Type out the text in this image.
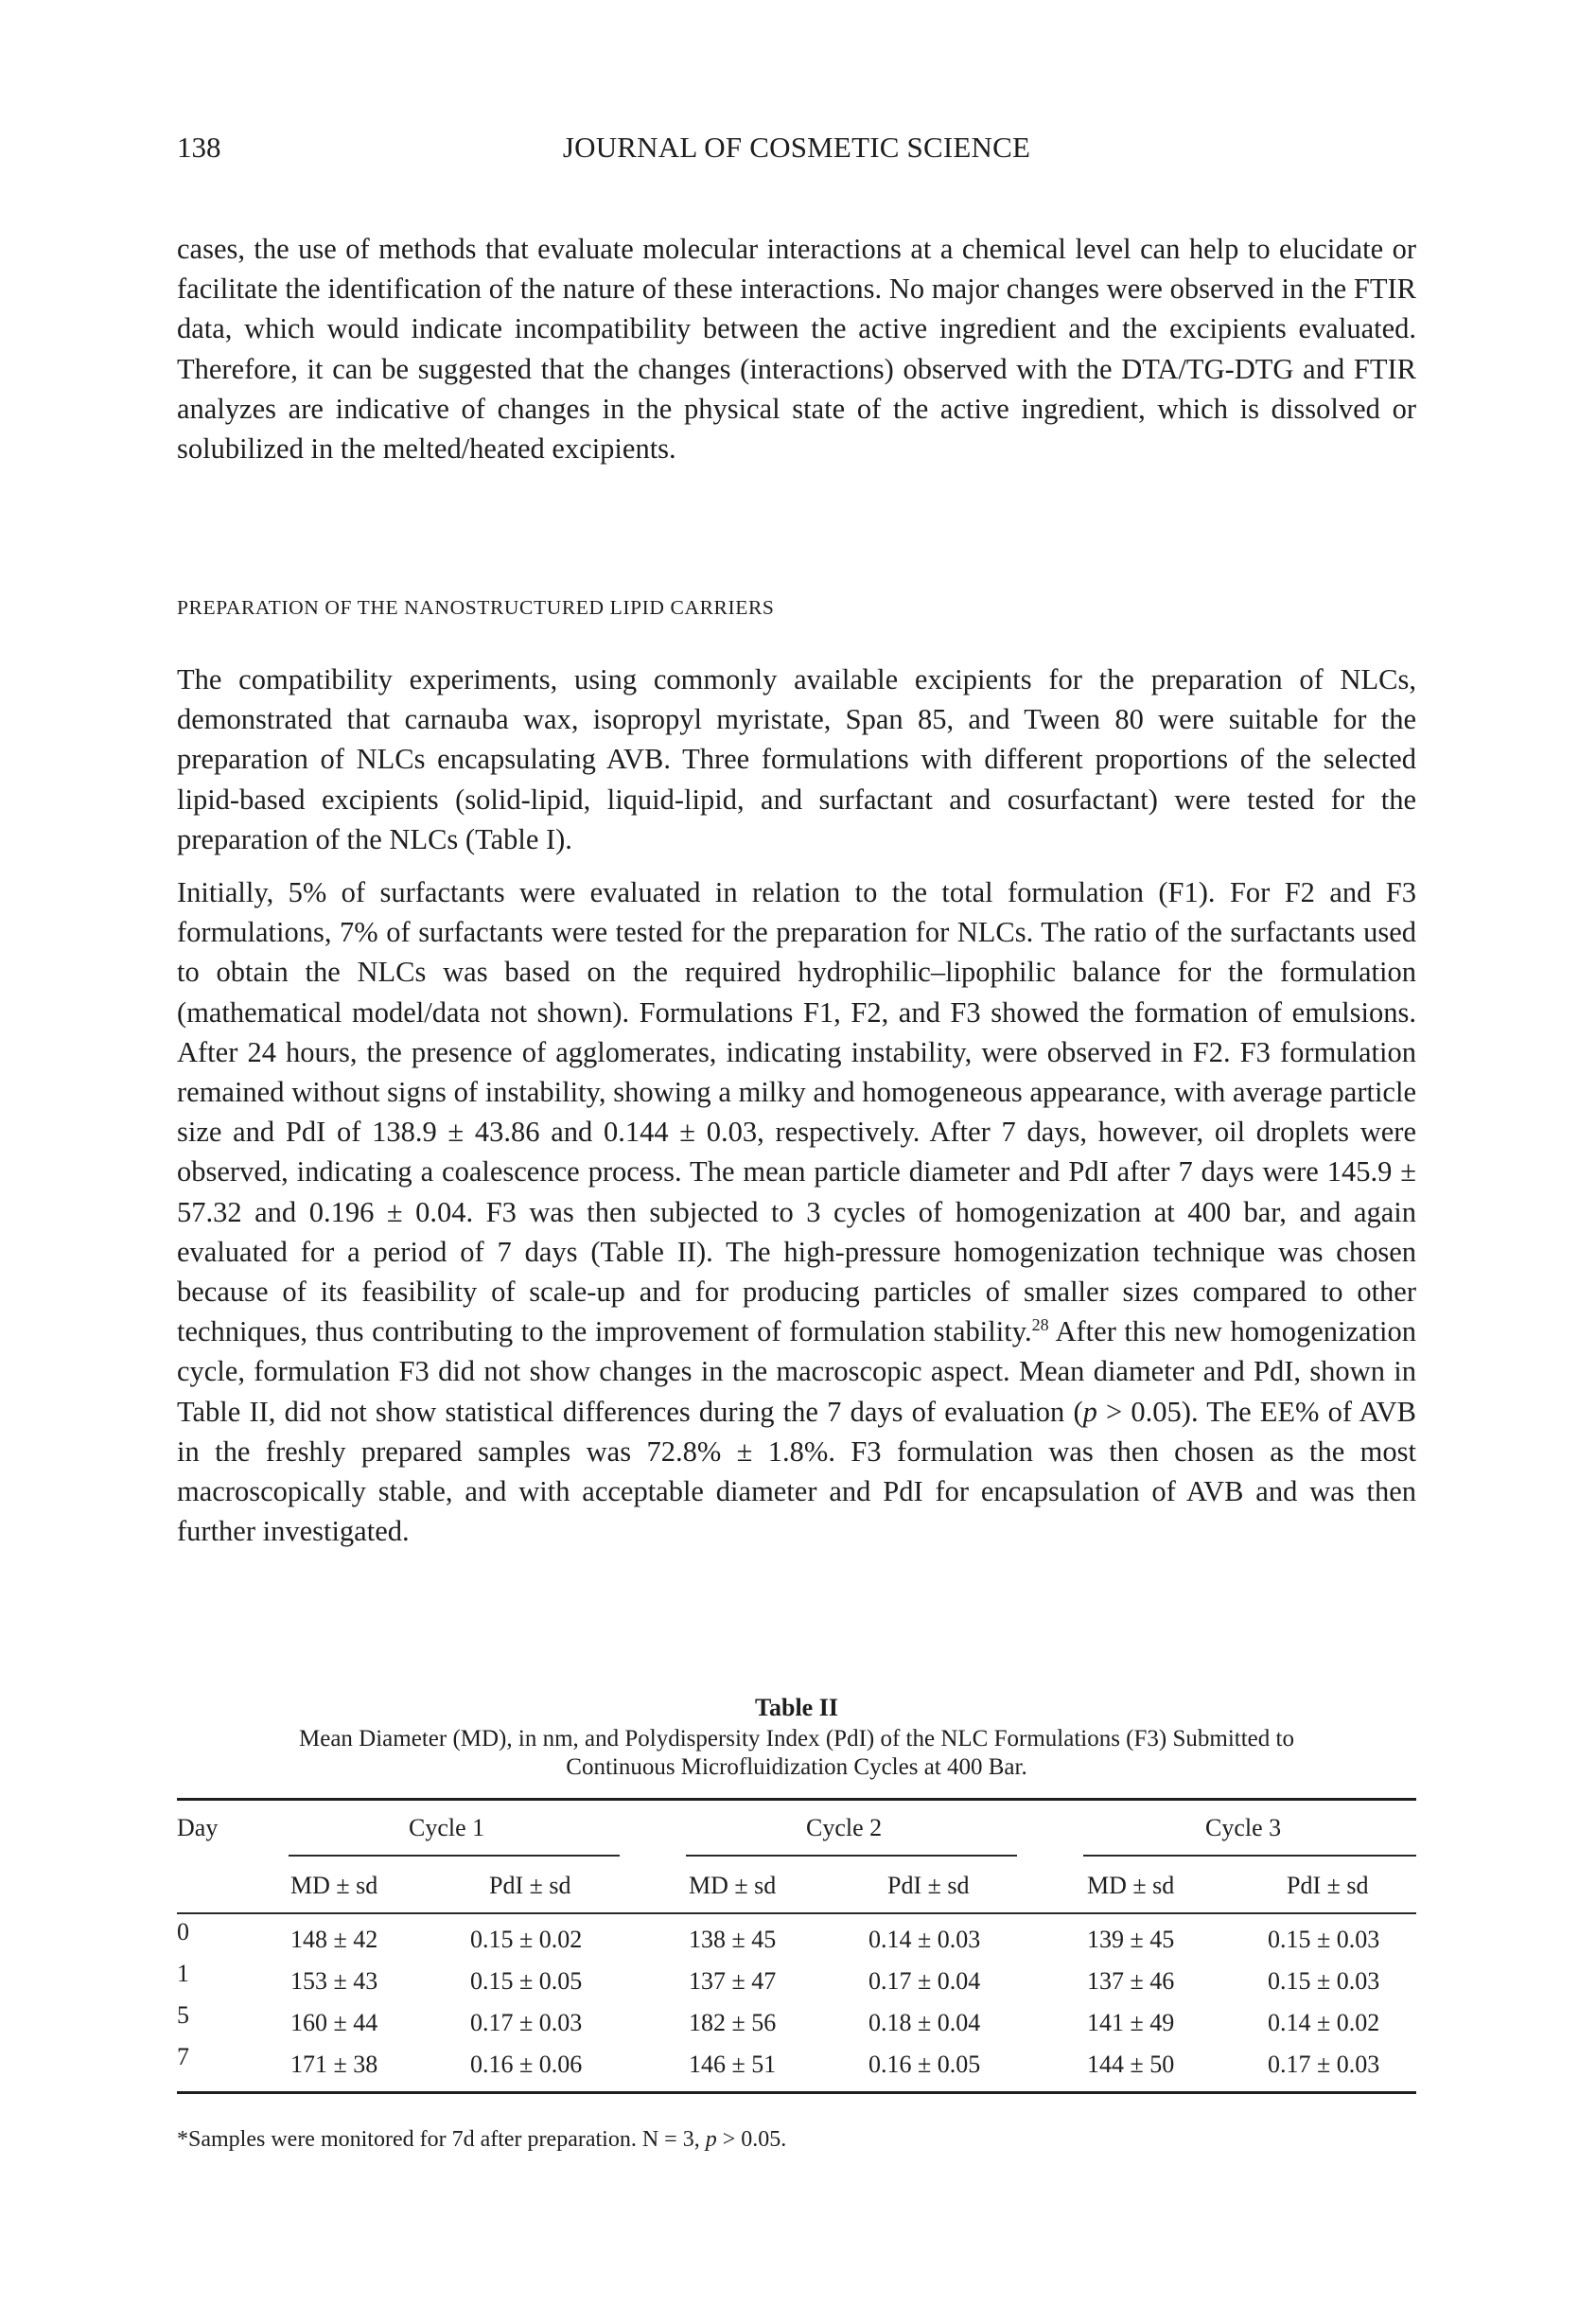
138	JOURNAL OF COSMETIC SCIENCE

cases, the use of methods that evaluate molecular interactions at a chemical level can help to elucidate or facilitate the identification of the nature of these interactions. No major changes were observed in the FTIR data, which would indicate incompatibility between the active ingredient and the excipients evaluated. Therefore, it can be suggested that the changes (interactions) observed with the DTA/TG-DTG and FTIR analyzes are indicative of changes in the physical state of the active ingredient, which is dissolved or solubilized in the melted/heated excipients.

PREPARATION OF THE NANOSTRUCTURED LIPID CARRIERS

The compatibility experiments, using commonly available excipients for the preparation of NLCs, demonstrated that carnauba wax, isopropyl myristate, Span 85, and Tween 80 were suitable for the preparation of NLCs encapsulating AVB. Three formulations with different proportions of the selected lipid-based excipients (solid-lipid, liquid-lipid, and surfactant and cosurfactant) were tested for the preparation of the NLCs (Table I).

Initially, 5% of surfactants were evaluated in relation to the total formulation (F1). For F2 and F3 formulations, 7% of surfactants were tested for the preparation for NLCs. The ratio of the surfactants used to obtain the NLCs was based on the required hydrophilic–lipophilic balance for the formulation (mathematical model/data not shown). Formulations F1, F2, and F3 showed the formation of emulsions. After 24 hours, the presence of agglomerates, indicating instability, were observed in F2. F3 formulation remained without signs of instability, showing a milky and homogeneous appearance, with average particle size and PdI of 138.9 ± 43.86 and 0.144 ± 0.03, respectively. After 7 days, however, oil droplets were observed, indicating a coalescence process. The mean particle diameter and PdI after 7 days were 145.9 ± 57.32 and 0.196 ± 0.04. F3 was then subjected to 3 cycles of homogenization at 400 bar, and again evaluated for a period of 7 days (Table II). The high-pressure homogenization technique was chosen because of its feasibility of scale-up and for producing particles of smaller sizes compared to other techniques, thus contributing to the improvement of formulation stability.$^{28}$ After this new homogenization cycle, formulation F3 did not show changes in the macroscopic aspect. Mean diameter and PdI, shown in Table II, did not show statistical differences during the 7 days of evaluation (p > 0.05). The EE% of AVB in the freshly prepared samples was 72.8% ± 1.8%. F3 formulation was then chosen as the most macroscopically stable, and with acceptable diameter and PdI for encapsulation of AVB and was then further investigated.

Table II
Mean Diameter (MD), in nm, and Polydispersity Index (PdI) of the NLC Formulations (F3) Submitted to
Continuous Microfluidization Cycles at 400 Bar.
Day	Cycle 1	Cycle 2	Cycle 3
MD ± sd	PdI ± sd	MD ± sd	PdI ± sd	MD ± sd	PdI ± sd
0	148 ± 42	0.15 ± 0.02	138 ± 45	0.14 ± 0.03	139 ± 45	0.15 ± 0.03
1	153 ± 43	0.15 ± 0.05	137 ± 47	0.17 ± 0.04	137 ± 46	0.15 ± 0.03
5	160 ± 44	0.17 ± 0.03	182 ± 56	0.18 ± 0.04	141 ± 49	0.14 ± 0.02
7	171 ± 38	0.16 ± 0.06	146 ± 51	0.16 ± 0.05	144 ± 50	0.17 ± 0.03
*Samples were monitored for 7d after preparation. N = 3, p > 0.05.
